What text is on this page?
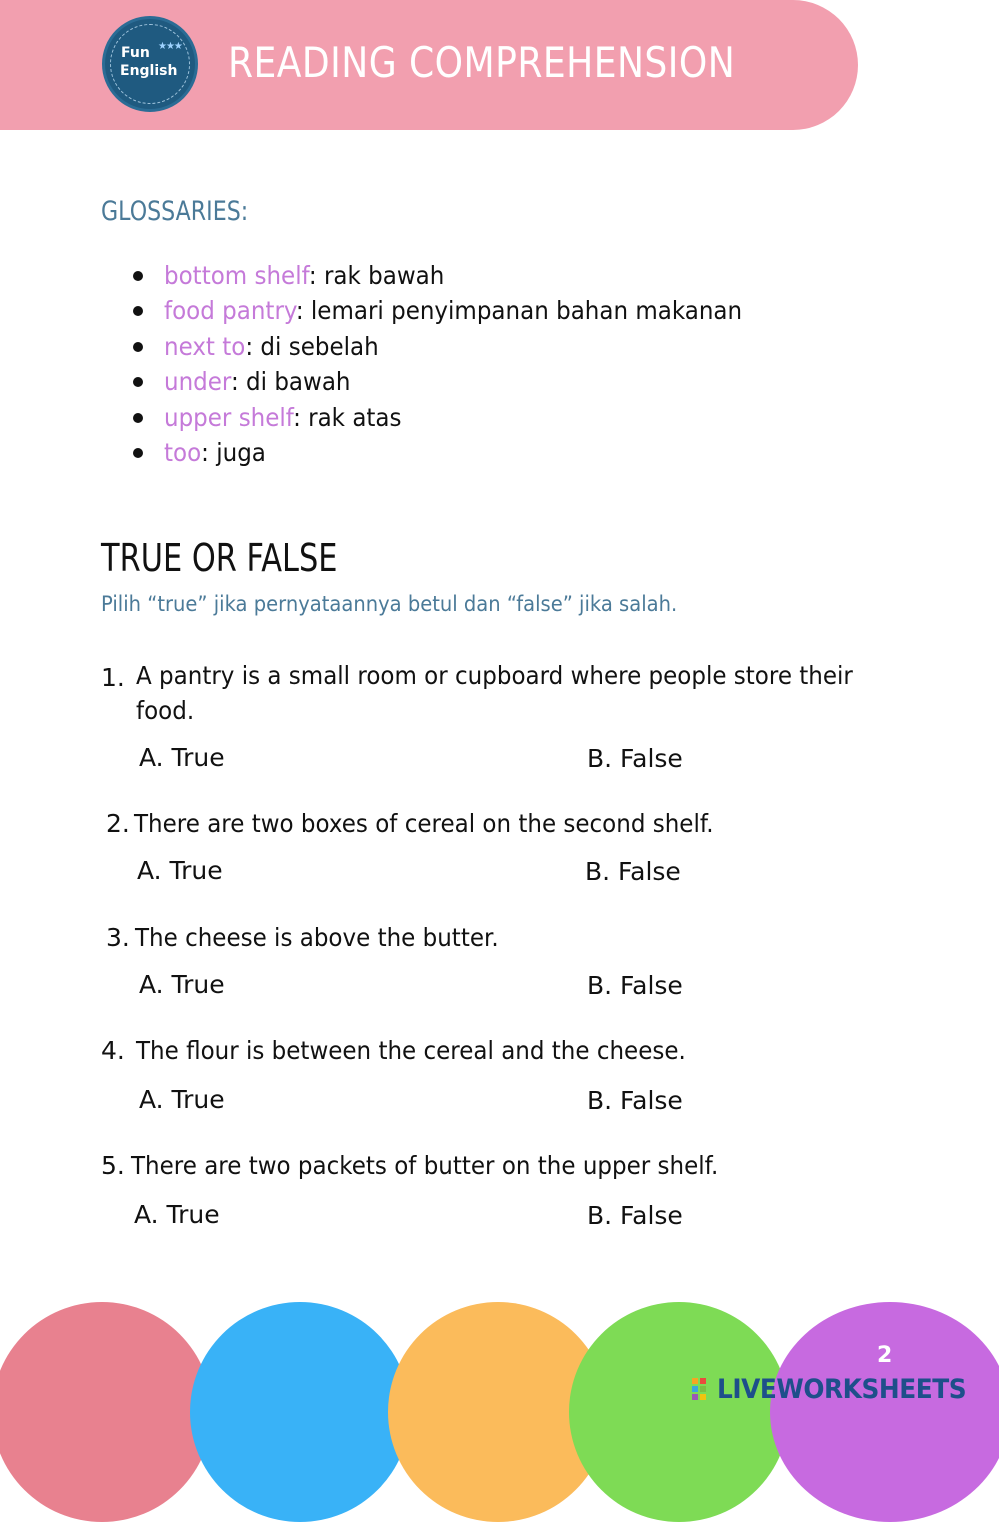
Fun ★★★
English READING COMPREHENSION
GLOSSARIES:
bottom shelf: rak bawah
food pantry: lemari penyimpanan bahan makanan
next to: di sebelah
under: di bawah
upper shelf: rak atas
too: juga
TRUE OR FALSE
Pilih “true” jika pernyataannya betul dan “false” jika salah.
1. A pantry is a small room or cupboard where people store their
food.
A. True	B. False
2. There are two boxes of cereal on the second shelf.
A. True	B. False
3. The cheese is above the butter.
A. True	B. False
4. The flour is between the cereal and the cheese.
A. True	B. False
5. There are two packets of butter on the upper shelf.
A. True	B. False
2
LIVEWORKSHEETS
